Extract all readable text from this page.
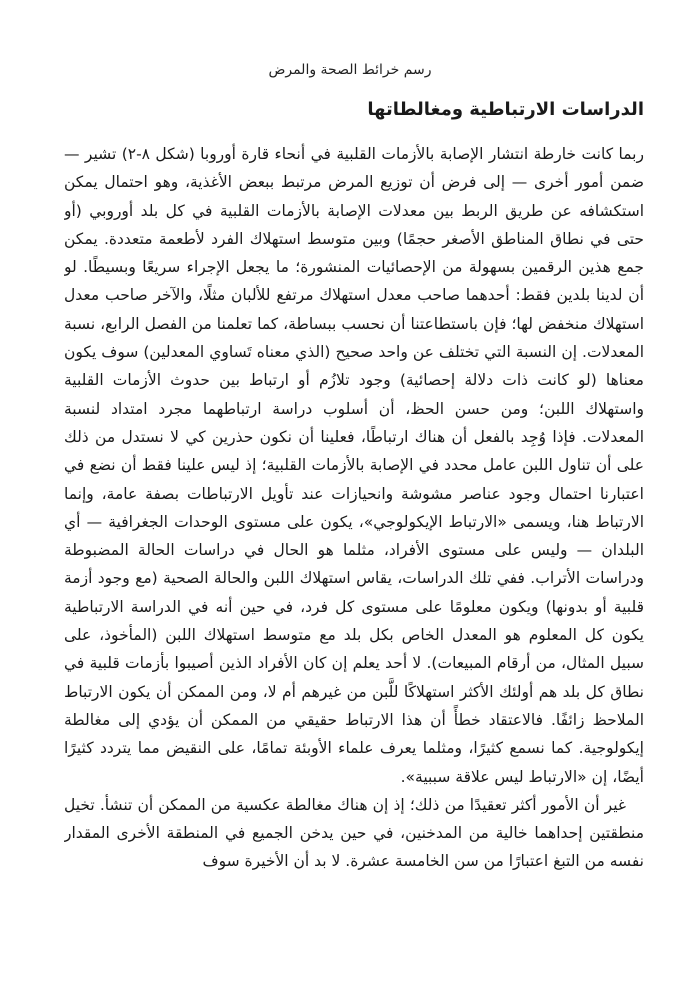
رسم خرائط الصحة والمرض
الدراسات الارتباطية ومغالطاتها

ربما كانت خارطة انتشار الإصابة بالأزمات القلبية في أنحاء قارة أوروبا (شكل ٨-٢) تشير — ضمن أمور أخرى — إلى فرض أن توزيع المرض مرتبط ببعض الأغذية، وهو احتمال يمكن استكشافه عن طريق الربط بين معدلات الإصابة بالأزمات القلبية في كل بلد أوروبي (أو حتى في نطاق المناطق الأصغر حجمًا) وبين متوسط استهلاك الفرد لأطعمة متعددة. يمكن جمع هذين الرقمين بسهولة من الإحصائيات المنشورة؛ ما يجعل الإجراء سريعًا وبسيطًا. لو أن لدينا بلدين فقط: أحدهما صاحب معدل استهلاك مرتفع للألبان مثلًا، والآخر صاحب معدل استهلاك منخفض لها؛ فإن باستطاعتنا أن نحسب ببساطة، كما تعلمنا من الفصل الرابع، نسبة المعدلات. إن النسبة التي تختلف عن واحد صحيح (الذي معناه تَساوي المعدلين) سوف يكون معناها (لو كانت ذات دلالة إحصائية) وجود تلازُم أو ارتباط بين حدوث الأزمات القلبية واستهلاك اللبن؛ ومن حسن الحظ، أن أسلوب دراسة ارتباطهما مجرد امتداد لنسبة المعدلات. فإذا وُجِد بالفعل أن هناك ارتباطًا، فعلينا أن نكون حذرين كي لا نستدل من ذلك على أن تناول اللبن عامل محدد في الإصابة بالأزمات القلبية؛ إذ ليس علينا فقط أن نضع في اعتبارنا احتمال وجود عناصر مشوشة وانحيازات عند تأويل الارتباطات بصفة عامة، وإنما الارتباط هنا، ويسمى «الارتباط الإيكولوجي»، يكون على مستوى الوحدات الجغرافية — أي البلدان — وليس على مستوى الأفراد، مثلما هو الحال في دراسات الحالة المضبوطة ودراسات الأتراب. ففي تلك الدراسات، يقاس استهلاك اللبن والحالة الصحية (مع وجود أزمة قلبية أو بدونها) ويكون معلومًا على مستوى كل فرد، في حين أنه في الدراسة الارتباطية يكون كل المعلوم هو المعدل الخاص بكل بلد مع متوسط استهلاك اللبن (المأخوذ، على سبيل المثال، من أرقام المبيعات). لا أحد يعلم إن كان الأفراد الذين أصيبوا بأزمات قلبية في نطاق كل بلد هم أولئك الأكثر استهلاكًا للَّبن من غيرهم أم لا، ومن الممكن أن يكون الارتباط الملاحظ زائفًا. فالاعتقاد خطأً أن هذا الارتباط حقيقي من الممكن أن يؤدي إلى مغالطة إيكولوجية. كما نسمع كثيرًا، ومثلما يعرف علماء الأوبئة تمامًا، على النقيض مما يتردد كثيرًا أيضًا، إن «الارتباط ليس علاقة سببية».

غير أن الأمور أكثر تعقيدًا من ذلك؛ إذ إن هناك مغالطة عكسية من الممكن أن تنشأ. تخيل منطقتين إحداهما خالية من المدخنين، في حين يدخن الجميع في المنطقة الأخرى المقدار نفسه من التبغ اعتبارًا من سن الخامسة عشرة. لا بد أن الأخيرة سوف
